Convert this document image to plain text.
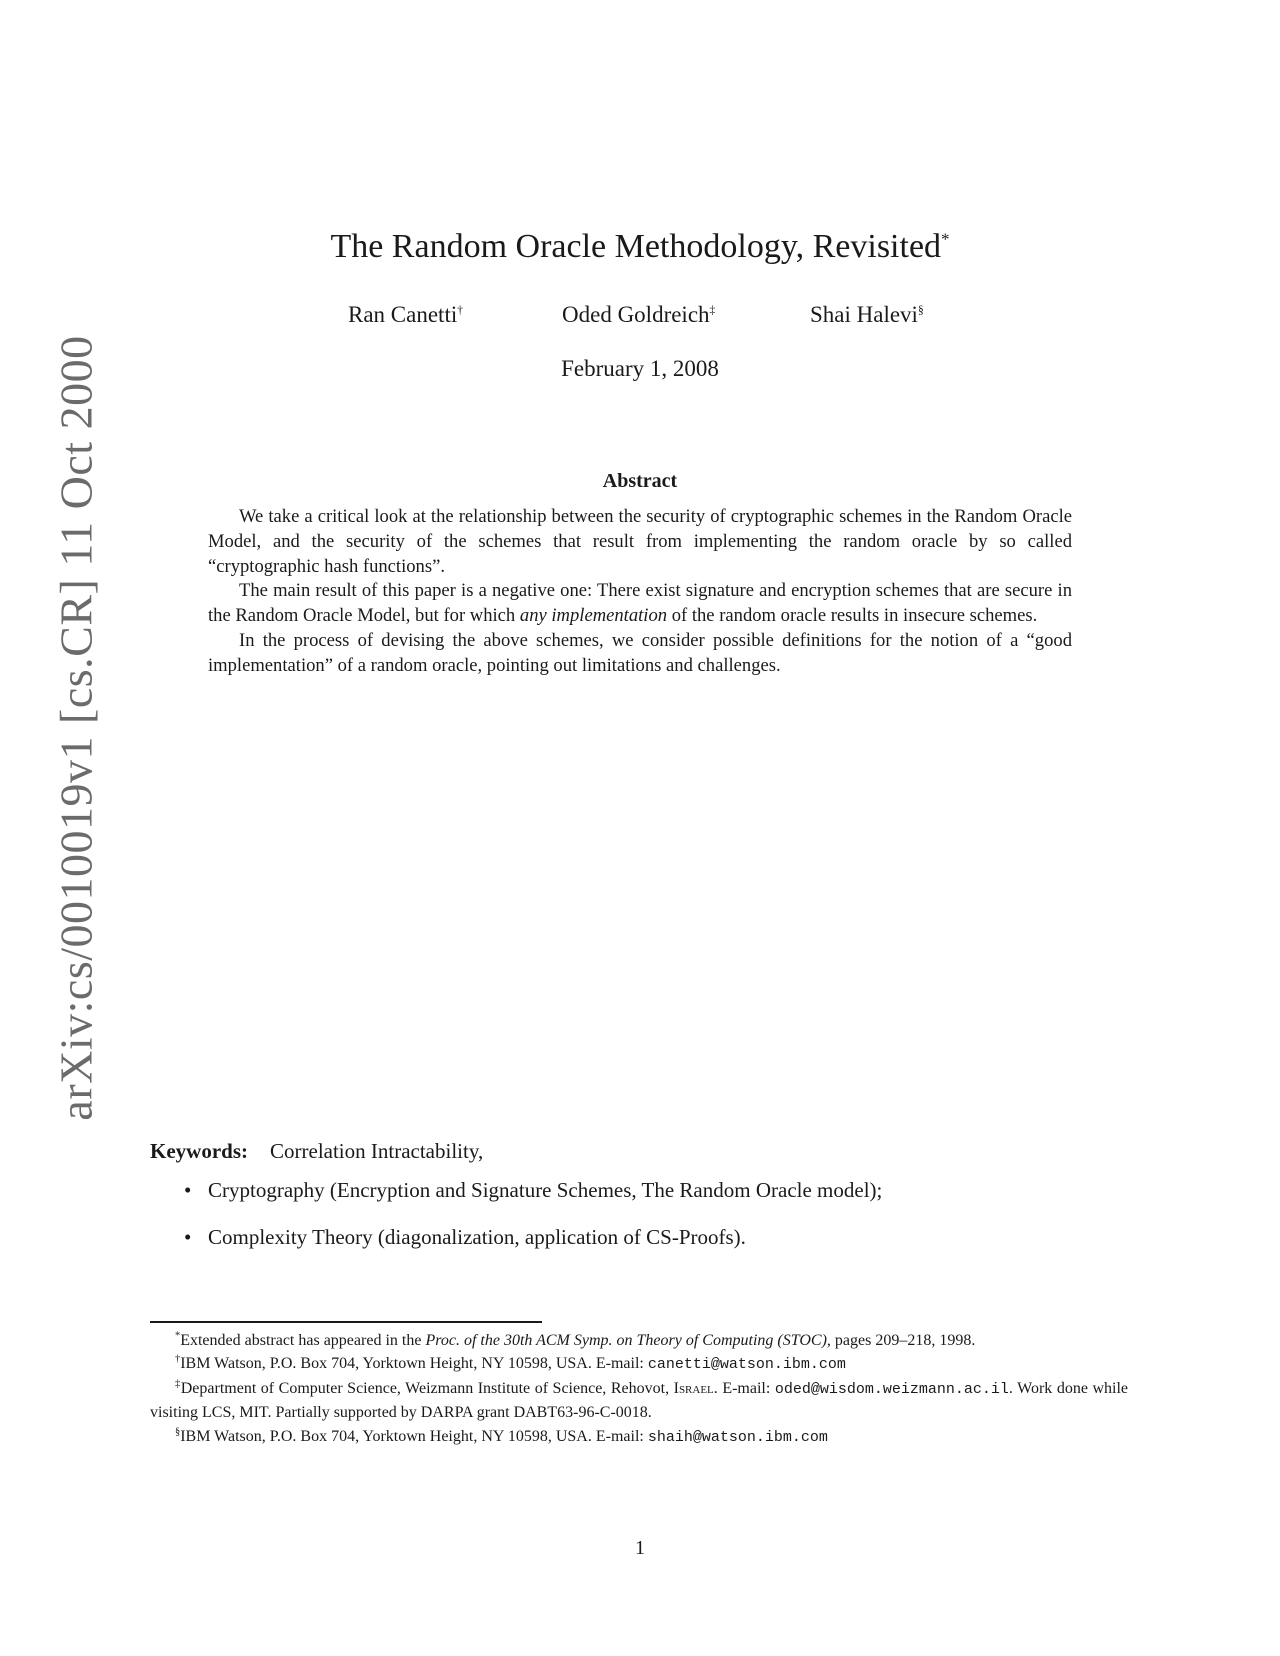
arXiv:cs/0010019v1 [cs.CR] 11 Oct 2000
The Random Oracle Methodology, Revisited*
Ran Canetti†	Oded Goldreich‡	Shai Halevi§
February 1, 2008
Abstract

We take a critical look at the relationship between the security of cryptographic schemes in the Random Oracle Model, and the security of the schemes that result from implementing the random oracle by so called “cryptographic hash functions”.

The main result of this paper is a negative one: There exist signature and encryption schemes that are secure in the Random Oracle Model, but for which any implementation of the random oracle results in insecure schemes.

In the process of devising the above schemes, we consider possible definitions for the notion of a “good implementation” of a random oracle, pointing out limitations and challenges.

Keywords: Correlation Intractability,
• Cryptography (Encryption and Signature Schemes, The Random Oracle model);
• Complexity Theory (diagonalization, application of CS-Proofs).

*Extended abstract has appeared in the Proc. of the 30th ACM Symp. on Theory of Computing (STOC), pages 209–218, 1998.

†IBM Watson, P.O. Box 704, Yorktown Height, NY 10598, USA. E-mail: canetti@watson.ibm.com

‡Department of Computer Science, Weizmann Institute of Science, Rehovot, Israel. E-mail: oded@wisdom.weizmann.ac.il. Work done while visiting LCS, MIT. Partially supported by DARPA grant DABT63-96-C-0018.

§IBM Watson, P.O. Box 704, Yorktown Height, NY 10598, USA. E-mail: shaih@watson.ibm.com

1
